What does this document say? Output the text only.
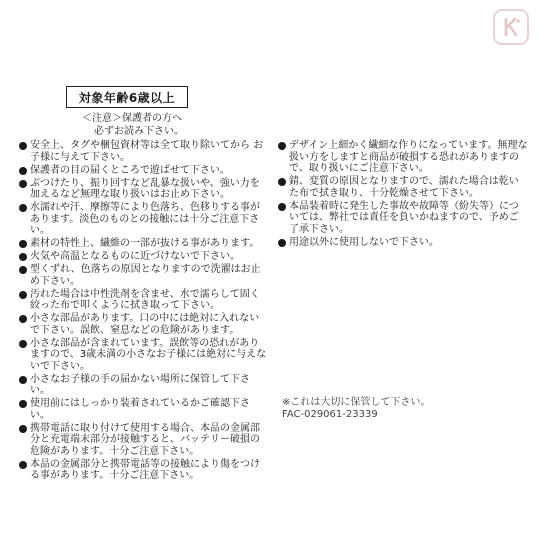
対象年齢6歳以上
＜注意＞保護者の方へ
必ずお読み下さい。
安全上、タグや梱包資材等は全て取り除いてから お子様に与えて下さい。
保護者の目の届くところで遊ばせて下さい。
ぶつけたり、振り回すなど乱暴な扱いや、強い力を加えるなど無理な取り扱いはお止め下さい。
水濡れや汗、摩擦等により色落ち、色移りする事があります。淡色のものとの接触には十分ご注意下さい。
素材の特性上、繊維の一部が抜ける事があります。
火気や高温となるものに近づけないで下さい。
型くずれ、色落ちの原因となりますので洗濯はお止め下さい。
汚れた場合は中性洗剤を含ませ、水で濡らして固く絞った布で叩くように拭き取って下さい。
小さな部品があります。口の中には絶対に入れないで下さい。誤飲、窒息などの危険があります。
小さな部品が含まれています。誤飲等の恐れがありますので、3歳未満の小さなお子様には絶対に与えないで下さい。
小さなお子様の手の届かない場所に保管して下さい。
使用前にはしっかり装着されているかご確認下さい。
携帯電話に取り付けて使用する場合、本品の金属部分と充電端末部分が接触すると、バッテリー破損の危険があります。十分ご注意下さい。
本品の金属部分と携帯電話等の接触により傷をつける事があります。十分ご注意下さい。
デザイン上細かく繊細な作りになっています。無理な扱い方をしますと商品が破損する恐れがありますので、取り扱いにご注意下さい。
錆、変質の原因となりますので、濡れた場合は乾いた布で拭き取り、十分乾燥させて下さい。
本品装着時に発生した事故や故障等（紛失等）については、弊社では責任を負いかねますので、予めご了承下さい。
用途以外に使用しないで下さい。
※これは大切に保管して下さい。
FAC-029061-23339
